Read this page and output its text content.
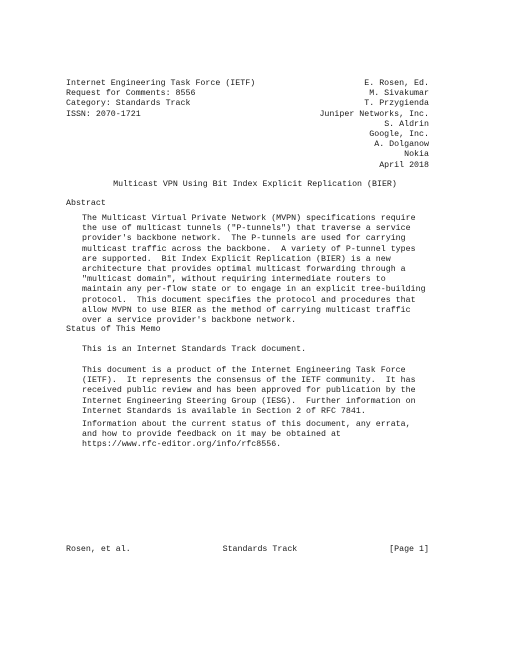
Internet Engineering Task Force (IETF)	E. Rosen, Ed.
Request for Comments: 8556	M. Sivakumar
Category: Standards Track	T. Przygienda
ISSN: 2070-1721	Juniper Networks, Inc.
S. Aldrin
Google, Inc.
A. Dolganow
Nokia
April 2018
Multicast VPN Using Bit Index Explicit Replication (BIER)
Abstract
The Multicast Virtual Private Network (MVPN) specifications require
the use of multicast tunnels ("P-tunnels") that traverse a service
provider's backbone network.  The P-tunnels are used for carrying
multicast traffic across the backbone.  A variety of P-tunnel types
are supported.  Bit Index Explicit Replication (BIER) is a new
architecture that provides optimal multicast forwarding through a
"multicast domain", without requiring intermediate routers to
maintain any per-flow state or to engage in an explicit tree-building
protocol.  This document specifies the protocol and procedures that
allow MVPN to use BIER as the method of carrying multicast traffic
over a service provider's backbone network.
Status of This Memo
This is an Internet Standards Track document.
This document is a product of the Internet Engineering Task Force
(IETF).  It represents the consensus of the IETF community.  It has
received public review and has been approved for publication by the
Internet Engineering Steering Group (IESG).  Further information on
Internet Standards is available in Section 2 of RFC 7841.
Information about the current status of this document, any errata,
and how to provide feedback on it may be obtained at
https://www.rfc-editor.org/info/rfc8556.
Rosen, et al.	Standards Track	[Page 1]
